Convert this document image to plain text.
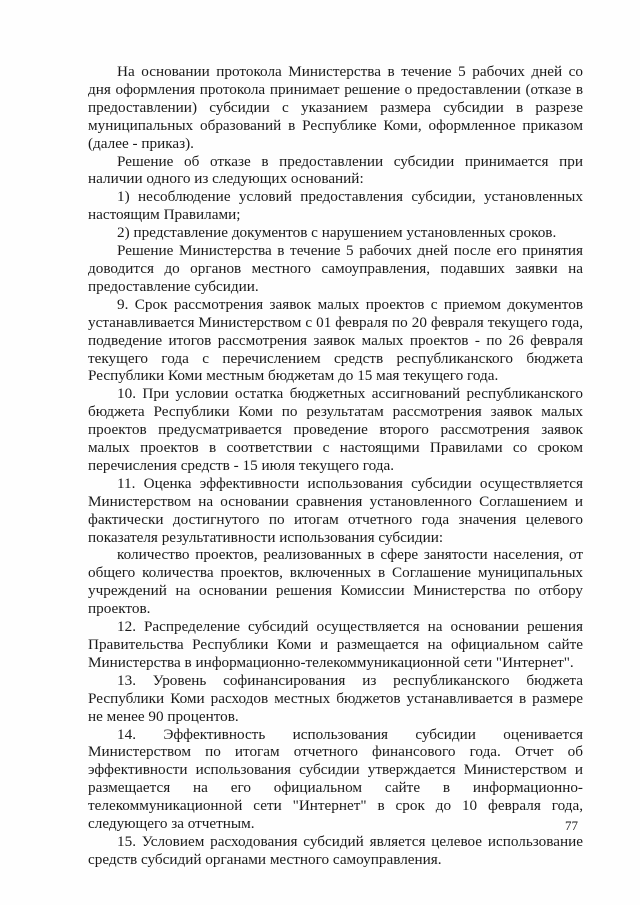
На основании протокола Министерства в течение 5 рабочих дней со дня оформления протокола принимает решение о предоставлении (отказе в предоставлении) субсидии с указанием размера субсидии в разрезе муниципальных образований в Республике Коми, оформленное приказом (далее - приказ).

Решение об отказе в предоставлении субсидии принимается при наличии одного из следующих оснований:

1) несоблюдение условий предоставления субсидии, установленных настоящим Правилами;

2) представление документов с нарушением установленных сроков.

Решение Министерства в течение 5 рабочих дней после его принятия доводится до органов местного самоуправления, подавших заявки на предоставление субсидии.

9. Срок рассмотрения заявок малых проектов с приемом документов устанавливается Министерством с 01 февраля по 20 февраля текущего года, подведение итогов рассмотрения заявок малых проектов - по 26 февраля текущего года с перечислением средств республиканского бюджета Республики Коми местным бюджетам до 15 мая текущего года.

10. При условии остатка бюджетных ассигнований республиканского бюджета Республики Коми по результатам рассмотрения заявок малых проектов предусматривается проведение второго рассмотрения заявок малых проектов в соответствии с настоящими Правилами со сроком перечисления средств - 15 июля текущего года.

11. Оценка эффективности использования субсидии осуществляется Министерством на основании сравнения установленного Соглашением и фактически достигнутого по итогам отчетного года значения целевого показателя результативности использования субсидии:

количество проектов, реализованных в сфере занятости населения, от общего количества проектов, включенных в Соглашение муниципальных учреждений на основании решения Комиссии Министерства по отбору проектов.

12. Распределение субсидий осуществляется на основании решения Правительства Республики Коми и размещается на официальном сайте Министерства в информационно-телекоммуникационной сети "Интернет".

13. Уровень софинансирования из республиканского бюджета Республики Коми расходов местных бюджетов устанавливается в размере не менее 90 процентов.

14. Эффективность использования субсидии оценивается Министерством по итогам отчетного финансового года. Отчет об эффективности использования субсидии утверждается Министерством и размещается на его официальном сайте в информационно-телекоммуникационной сети "Интернет" в срок до 10 февраля года, следующего за отчетным.

15. Условием расходования субсидий является целевое использование средств субсидий органами местного самоуправления.

77
